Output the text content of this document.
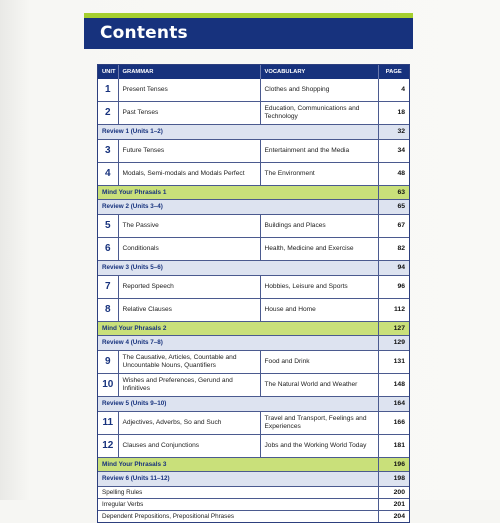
Contents
UNIT	GRAMMAR	VOCABULARY	PAGE
1	Present Tenses	Clothes and Shopping	4
2	Past Tenses	Education, Communications and Technology	18
Review 1 (Units 1–2)			32
3	Future Tenses	Entertainment and the Media	34
4	Modals, Semi-modals and Modals Perfect	The Environment	48
Mind Your Phrasals 1			63
Review 2 (Units 3–4)			65
5	The Passive	Buildings and Places	67
6	Conditionals	Health, Medicine and Exercise	82
Review 3 (Units 5–6)			94
7	Reported Speech	Hobbies, Leisure and Sports	96
8	Relative Clauses	House and Home	112
Mind Your Phrasals 2			127
Review 4 (Units 7–8)			129
9	The Causative, Articles, Countable and Uncountable Nouns, Quantifiers	Food and Drink	131
10	Wishes and Preferences, Gerund and Infinitives	The Natural World and Weather	148
Review 5 (Units 9–10)			164
11	Adjectives, Adverbs, So and Such	Travel and Transport, Feelings and Experiences	166
12	Clauses and Conjunctions	Jobs and the Working World Today	181
Mind Your Phrasals 3			196
Review 6 (Units 11–12)			198
Spelling Rules			200
Irregular Verbs			201
Dependent Prepositions, Prepositional Phrases			204
